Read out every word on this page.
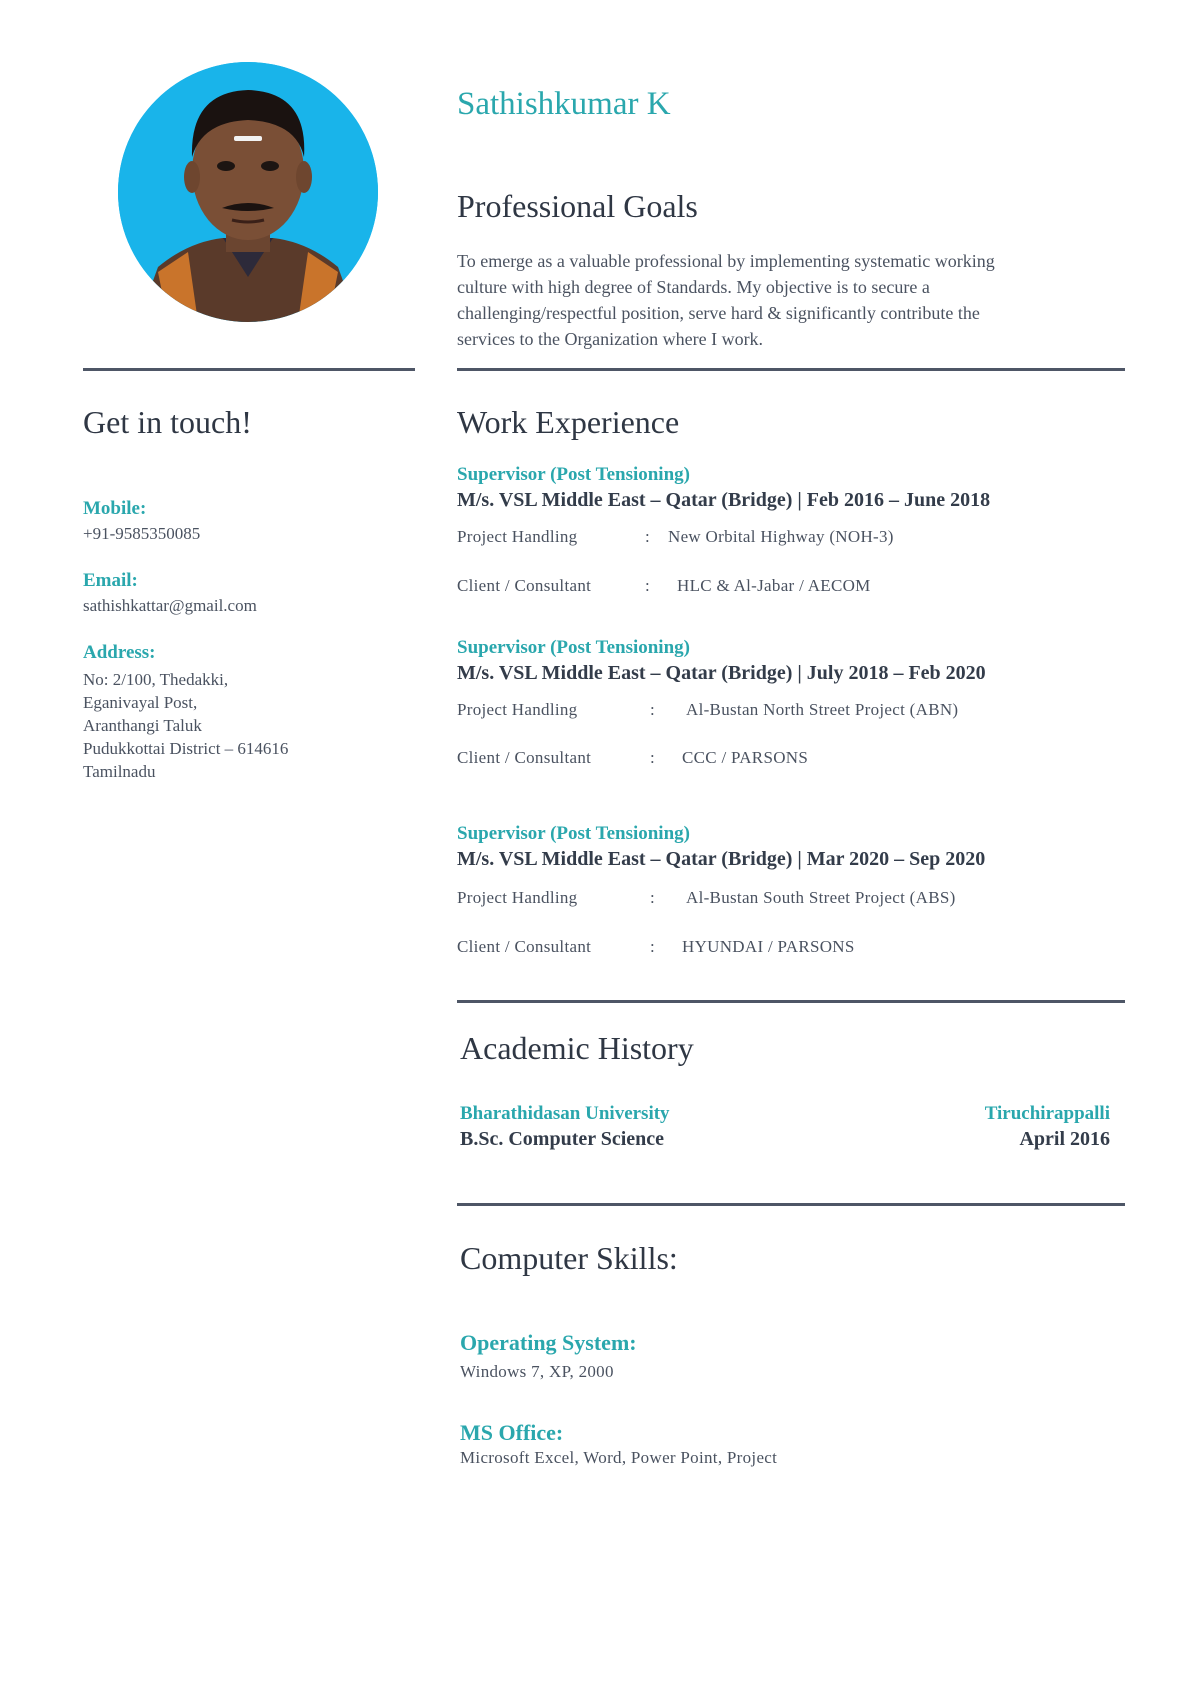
Sathishkumar K
Professional Goals
To emerge as a valuable professional by implementing systematic working
culture with high degree of Standards. My objective is to secure a
challenging/respectful position, serve hard & significantly contribute the
services to the Organization where I work.
Get in touch!
Mobile:
+91-9585350085
Email:
sathishkattar@gmail.com
Address:
No: 2/100, Thedakki,
Eganivayal Post,
Aranthangi Taluk
Pudukkottai District – 614616
Tamilnadu
Work Experience
Supervisor (Post Tensioning)
M/s. VSL Middle East – Qatar (Bridge) | Feb 2016 – June 2018
Project Handling	: New Orbital Highway (NOH-3)
Client / Consultant	: HLC & Al-Jabar / AECOM
Supervisor (Post Tensioning)
M/s. VSL Middle East – Qatar (Bridge) | July 2018 – Feb 2020
Project Handling	: Al-Bustan North Street Project (ABN)
Client / Consultant	: CCC / PARSONS
Supervisor (Post Tensioning)
M/s. VSL Middle East – Qatar (Bridge) | Mar 2020 – Sep 2020
Project Handling	: Al-Bustan South Street Project (ABS)
Client / Consultant	: HYUNDAI / PARSONS
Academic History
Bharathidasan University	Tiruchirappalli
B.Sc. Computer Science	April 2016
Computer Skills:
Operating System:
Windows 7, XP, 2000
MS Office:
Microsoft Excel, Word, Power Point, Project
